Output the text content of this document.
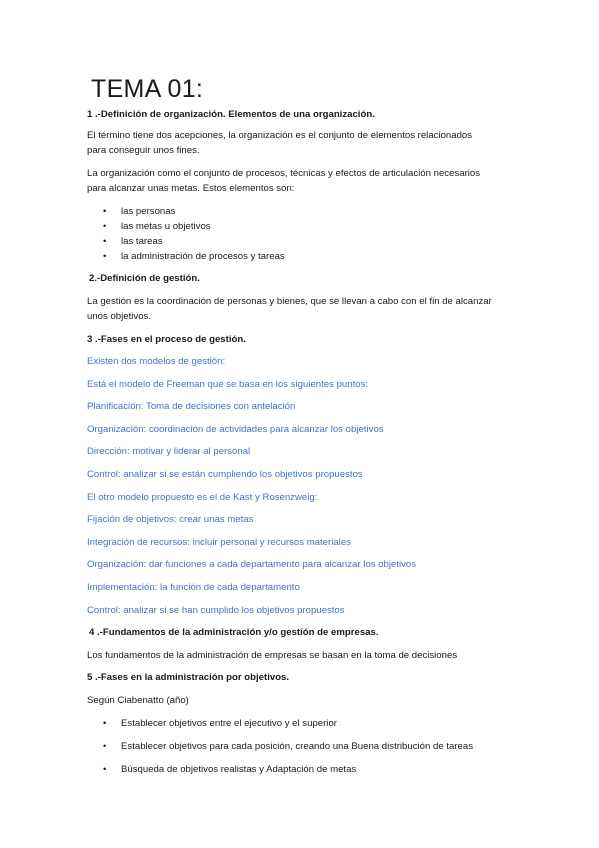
TEMA 01:

1 .-Definición de organización. Elementos de una organización.

El término tiene dos acepciones, la organización es el conjunto de elementos relacionados

para conseguir unos fines.

La organización como el conjunto de procesos, técnicas y efectos de articulación necesarios

para alcanzar unas metas. Estos elementos son:

• las personas
• las metas u objetivos
• las tareas
• la administración de procesos y tareas

2.-Definición de gestión.

La gestión es la coordinación de personas y bienes, que se llevan a cabo con el fin de alcanzar

unos objetivos.

3 .-Fases en el proceso de gestión.

Existen dos modelos de gestión:

Está el modelo de Freeman que se basa en los siguientes puntos:

Planificación: Toma de decisiones con antelación

Organización: coordinación de actividades para alcanzar los objetivos

Dirección: motivar y liderar al personal

Control: analizar si se están cumpliendo los objetivos propuestos

El otro modelo propuesto es el de Kast y Rosenzweig:

Fijación de objetivos: crear unas metas

Integración de recursos: incluir personal y recursos materiales

Organización: dar funciones a cada departamento para alcanzar los objetivos

Implementación: la función de cada departamento

Control: analizar si se han cumplido los objetivos propuestos

4 .-Fundamentos de la administración y/o gestión de empresas.

Los fundamentos de la administración de empresas se basan en la toma de decisiones

5 .-Fases en la administración por objetivos.

Según Ciabenatto (año)

• Establecer objetivos entre el ejecutivo y el superior
• Establecer objetivos para cada posición, creando una Buena distribución de tareas
• Búsqueda de objetivos realistas y Adaptación de metas
